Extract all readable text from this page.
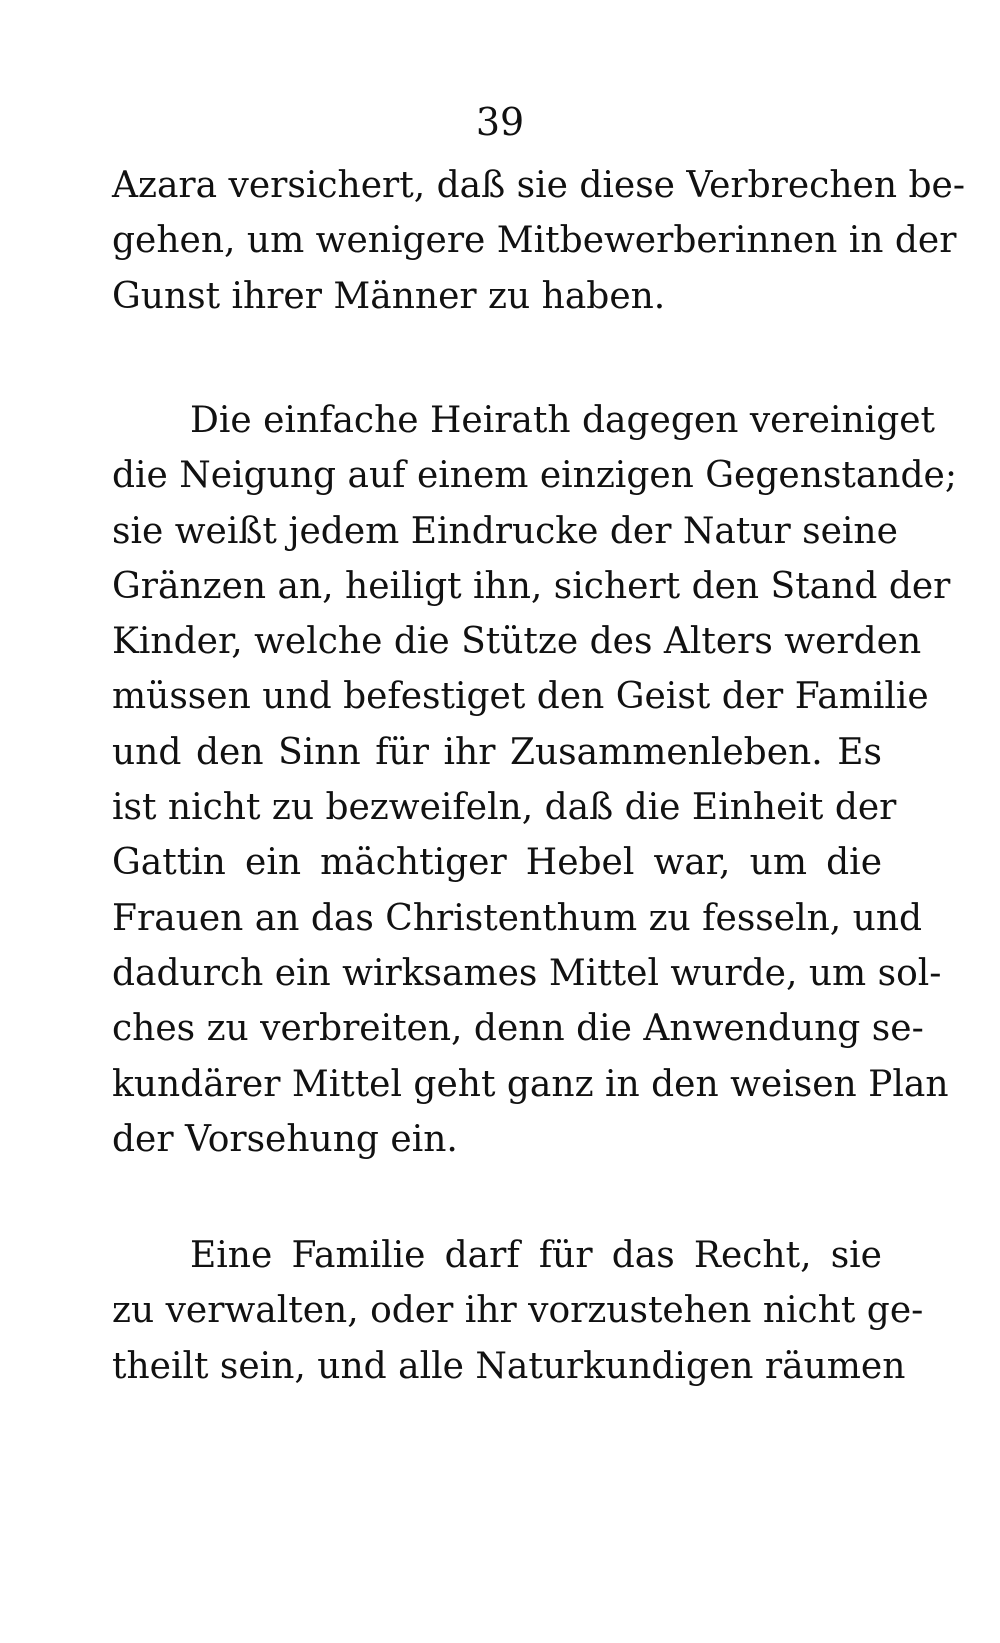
39

Azara versichert, daß sie diese Verbrechen be-
gehen, um wenigere Mitbewerberinnen in der
Gunst ihrer Männer zu haben.

Die einfache Heirath dagegen vereiniget
die Neigung auf einem einzigen Gegenstande;
sie weißt jedem Eindrucke der Natur seine
Gränzen an, heiligt ihn, sichert den Stand der
Kinder, welche die Stütze des Alters werden
müssen und befestiget den Geist der Familie
und den Sinn für ihr Zusammenleben. Es
ist nicht zu bezweifeln, daß die Einheit der
Gattin ein mächtiger Hebel war, um die
Frauen an das Christenthum zu fesseln, und
dadurch ein wirksames Mittel wurde, um sol-
ches zu verbreiten, denn die Anwendung se-
kundärer Mittel geht ganz in den weisen Plan
der Vorsehung ein.

Eine Familie darf für das Recht, sie
zu verwalten, oder ihr vorzustehen nicht ge-
theilt sein, und alle Naturkundigen räumen
